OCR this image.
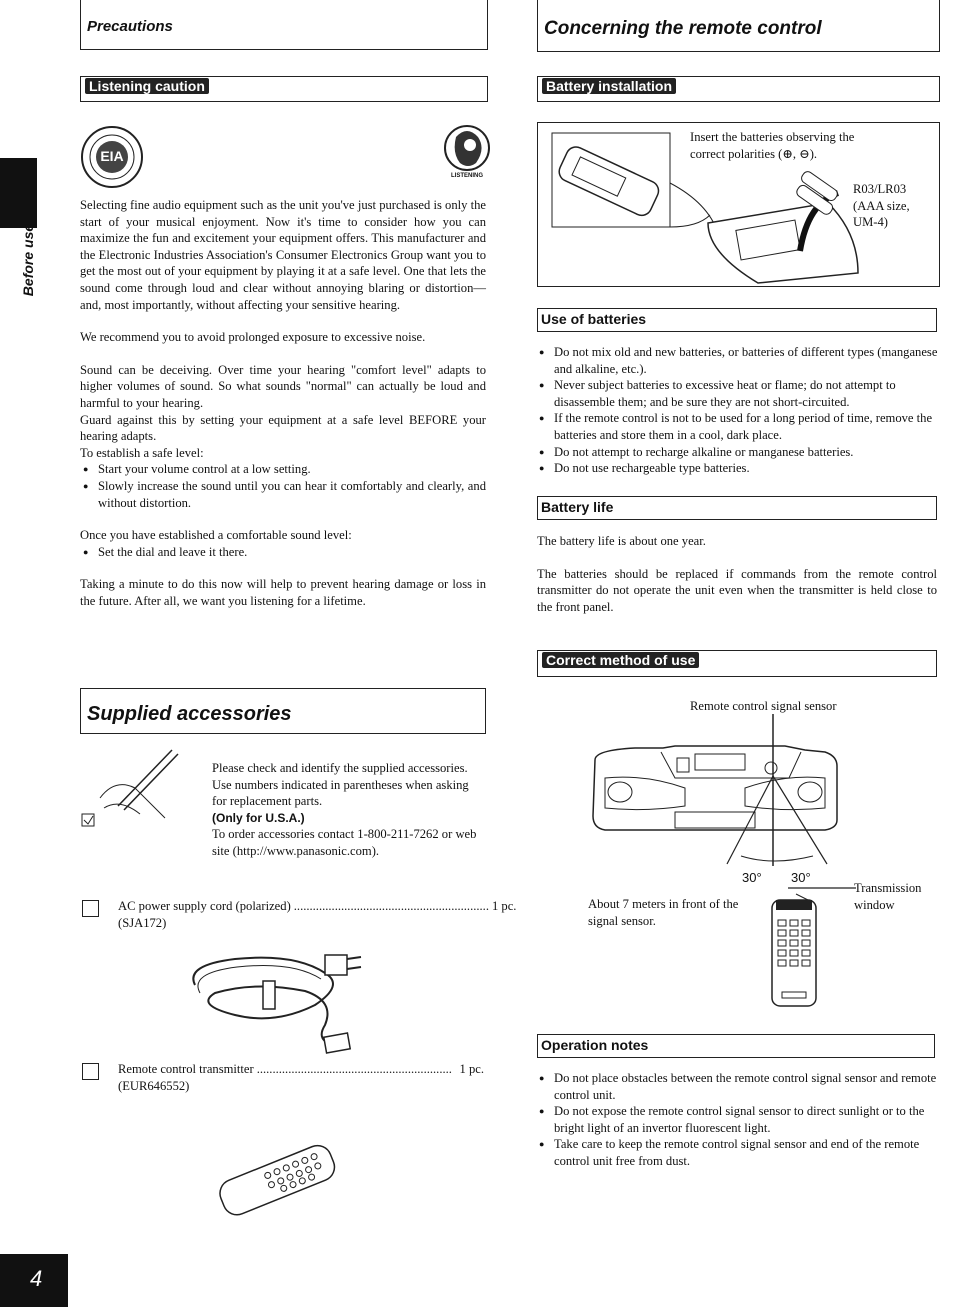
Before use
Precautions
Listening caution
EIA
LISTENING

Selecting fine audio equipment such as the unit you've just purchased is only the start of your musical enjoyment. Now it's time to consider how you can maximize the fun and excitement your equipment offers. This manufacturer and the Electronic Industries Association's Consumer Electronics Group want you to get the most out of your equipment by playing it at a safe level. One that lets the sound come through loud and clear without annoying blaring or distortion—and, most importantly, without affecting your sensitive hearing.

We recommend you to avoid prolonged exposure to excessive noise.

Sound can be deceiving. Over time your hearing "comfort level" adapts to higher volumes of sound. So what sounds "normal" can actually be loud and harmful to your hearing.

Guard against this by setting your equipment at a safe level BEFORE your hearing adapts.

To establish a safe level:

● Start your volume control at a low setting.
● Slowly increase the sound until you can hear it comfortably and clearly, and without distortion.

Once you have established a comfortable sound level:

● Set the dial and leave it there.

Taking a minute to do this now will help to prevent hearing damage or loss in the future. After all, we want you listening for a lifetime.

Supplied accessories

Please check and identify the supplied accessories.

Use numbers indicated in parentheses when asking for replacement parts.

(Only for U.S.A.)

To order accessories contact 1-800-211-7262 or web site (http://www.panasonic.com).

AC power supply cord (polarized) .............................................................. 1 pc.
(SJA172)
Remote control transmitter .............................................................. 1 pc.
(EUR646552)
Concerning the remote control
Battery installation
Insert the batteries observing the correct polarities (⊕, ⊖).
R03/LR03
(AAA size,
UM-4)
Use of batteries
● Do not mix old and new batteries, or batteries of different types (manganese and alkaline, etc.).
● Never subject batteries to excessive heat or flame; do not attempt to disassemble them; and be sure they are not short-circuited.
● If the remote control is not to be used for a long period of time, remove the batteries and store them in a cool, dark place.
● Do not attempt to recharge alkaline or manganese batteries.
● Do not use rechargeable type batteries.
Battery life

The battery life is about one year.

The batteries should be replaced if commands from the remote control transmitter do not operate the unit even when the transmitter is held close to the front panel.

Correct method of use
Remote control signal sensor
30° 30°
About 7 meters in front of the signal sensor.
Transmission window
Operation notes
● Do not place obstacles between the remote control signal sensor and remote control unit.
● Do not expose the remote control signal sensor to direct sunlight or to the bright light of an invertor fluorescent light.
● Take care to keep the remote control signal sensor and end of the remote control unit free from dust.
4
